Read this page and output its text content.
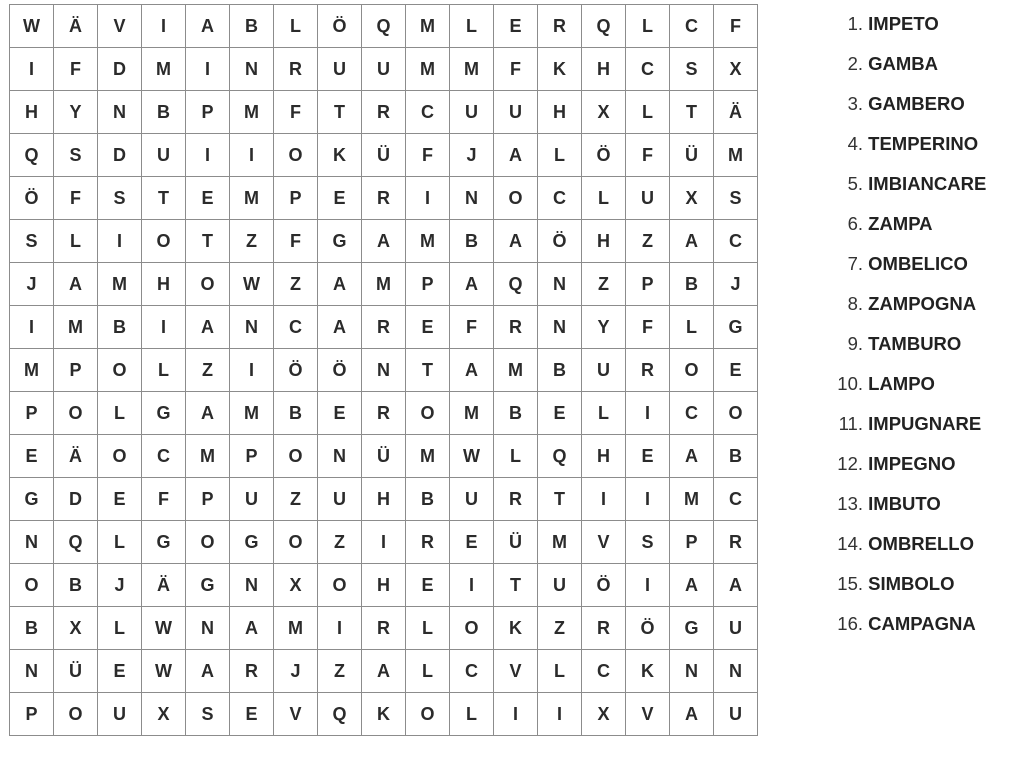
W	Ä	V	I	A	B	L	Ö	Q	M	L	E	R	Q	L	C	F
I	F	D	M	I	N	R	U	U	M	M	F	K	H	C	S	X
H	Y	N	B	P	M	F	T	R	C	U	U	H	X	L	T	Ä
Q	S	D	U	I	I	O	K	Ü	F	J	A	L	Ö	F	Ü	M
Ö	F	S	T	E	M	P	E	R	I	N	O	C	L	U	X	S
S	L	I	O	T	Z	F	G	A	M	B	A	Ö	H	Z	A	C
J	A	M	H	O	W	Z	A	M	P	A	Q	N	Z	P	B	J
I	M	B	I	A	N	C	A	R	E	F	R	N	Y	F	L	G
M	P	O	L	Z	I	Ö	Ö	N	T	A	M	B	U	R	O	E
P	O	L	G	A	M	B	E	R	O	M	B	E	L	I	C	O
E	Ä	O	C	M	P	O	N	Ü	M	W	L	Q	H	E	A	B
G	D	E	F	P	U	Z	U	H	B	U	R	T	I	I	M	C
N	Q	L	G	O	G	O	Z	I	R	E	Ü	M	V	S	P	R
O	B	J	Ä	G	N	X	O	H	E	I	T	U	Ö	I	A	A
B	X	L	W	N	A	M	I	R	L	O	K	Z	R	Ö	G	U
N	Ü	E	W	A	R	J	Z	A	L	C	V	L	C	K	N	N
P	O	U	X	S	E	V	Q	K	O	L	I	I	X	V	A	U
1. IMPETO
2. GAMBA
3. GAMBERO
4. TEMPERINO
5. IMBIANCARE
6. ZAMPA
7. OMBELICO
8. ZAMPOGNA
9. TAMBURO
10. LAMPO
11. IMPUGNARE
12. IMPEGNO
13. IMBUTO
14. OMBRELLO
15. SIMBOLO
16. CAMPAGNA
